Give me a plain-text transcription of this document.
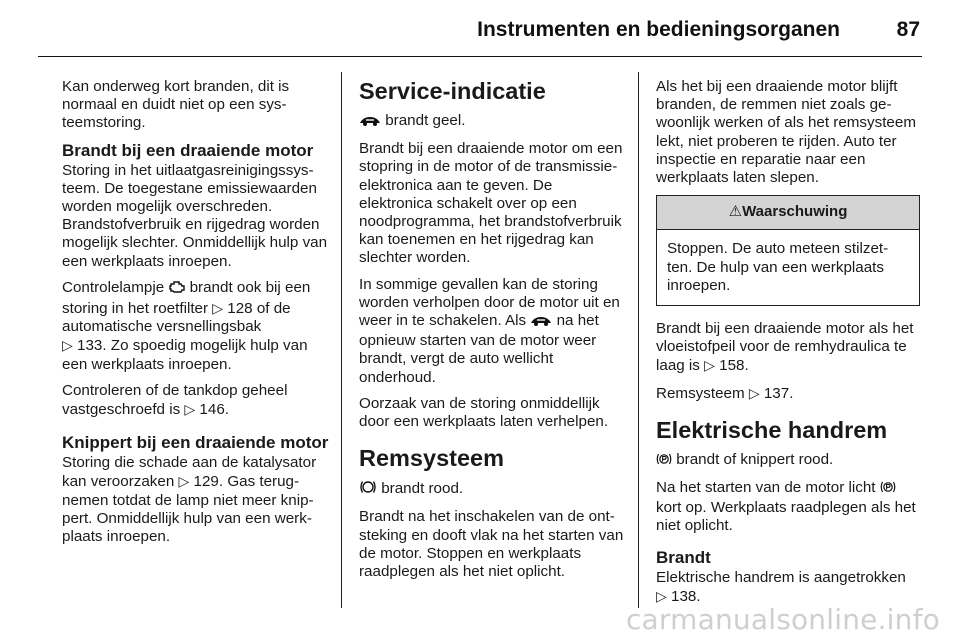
Instrumenten en bedieningsorganen	87

Kan onderweg kort branden, dit is normaal en duidt niet op een systeemstoring.

Brandt bij een draaiende motor

Storing in het uitlaatgasreinigingssysteem. De toegestane emissiewaarden worden mogelijk overschreden. Brandstofverbruik en rijgedrag worden mogelijk slechter. Onmiddellijk hulp van een werkplaats inroepen.

Controlelampje  brandt ook bij een storing in het roetfilter ▷ 128 of de automatische versnellingsbak
▷ 133. Zo spoedig mogelijk hulp van een werkplaats inroepen.

Controleren of de tankdop geheel vastgeschroefd is ▷ 146.

Knippert bij een draaiende motor

Storing die schade aan de katalysator kan veroorzaken ▷ 129. Gas terugnemen totdat de lamp niet meer knippert. Onmiddellijk hulp van een werkplaats inroepen.

Service-indicatie

brandt geel.

Brandt bij een draaiende motor om een stopring in de motor of de transmissie-elektronica aan te geven. De elektronica schakelt over op een noodprogramma, het brandstofverbruik kan toenemen en het rijgedrag kan slechter worden.

In sommige gevallen kan de storing worden verholpen door de motor uit en weer in te schakelen. Als  na het opnieuw starten van de motor weer brandt, vergt de auto wellicht onderhoud.

Oorzaak van de storing onmiddellijk door een werkplaats laten verhelpen.

Remsysteem

brandt rood.

Brandt na het inschakelen van de ontsteking en dooft vlak na het starten van de motor. Stoppen en werkplaats raadplegen als het niet oplicht.

Als het bij een draaiende motor blijft branden, de remmen niet zoals gewoonlijk werken of als het remsysteem lekt, niet proberen te rijden. Auto ter inspectie en reparatie naar een werkplaats laten slepen.

⚠Waarschuwing
Stoppen. De auto meteen stilzetten. De hulp van een werkplaats inroepen.

Brandt bij een draaiende motor als het vloeistofpeil voor de remhydraulica te laag is ▷ 158.

Remsysteem ▷ 137.

Elektrische handrem

brandt of knippert rood.

Na het starten van de motor licht  kort op. Werkplaats raadplegen als het niet oplicht.

Brandt

Elektrische handrem is aangetrokken
▷ 138.

carmanualsonline.info
